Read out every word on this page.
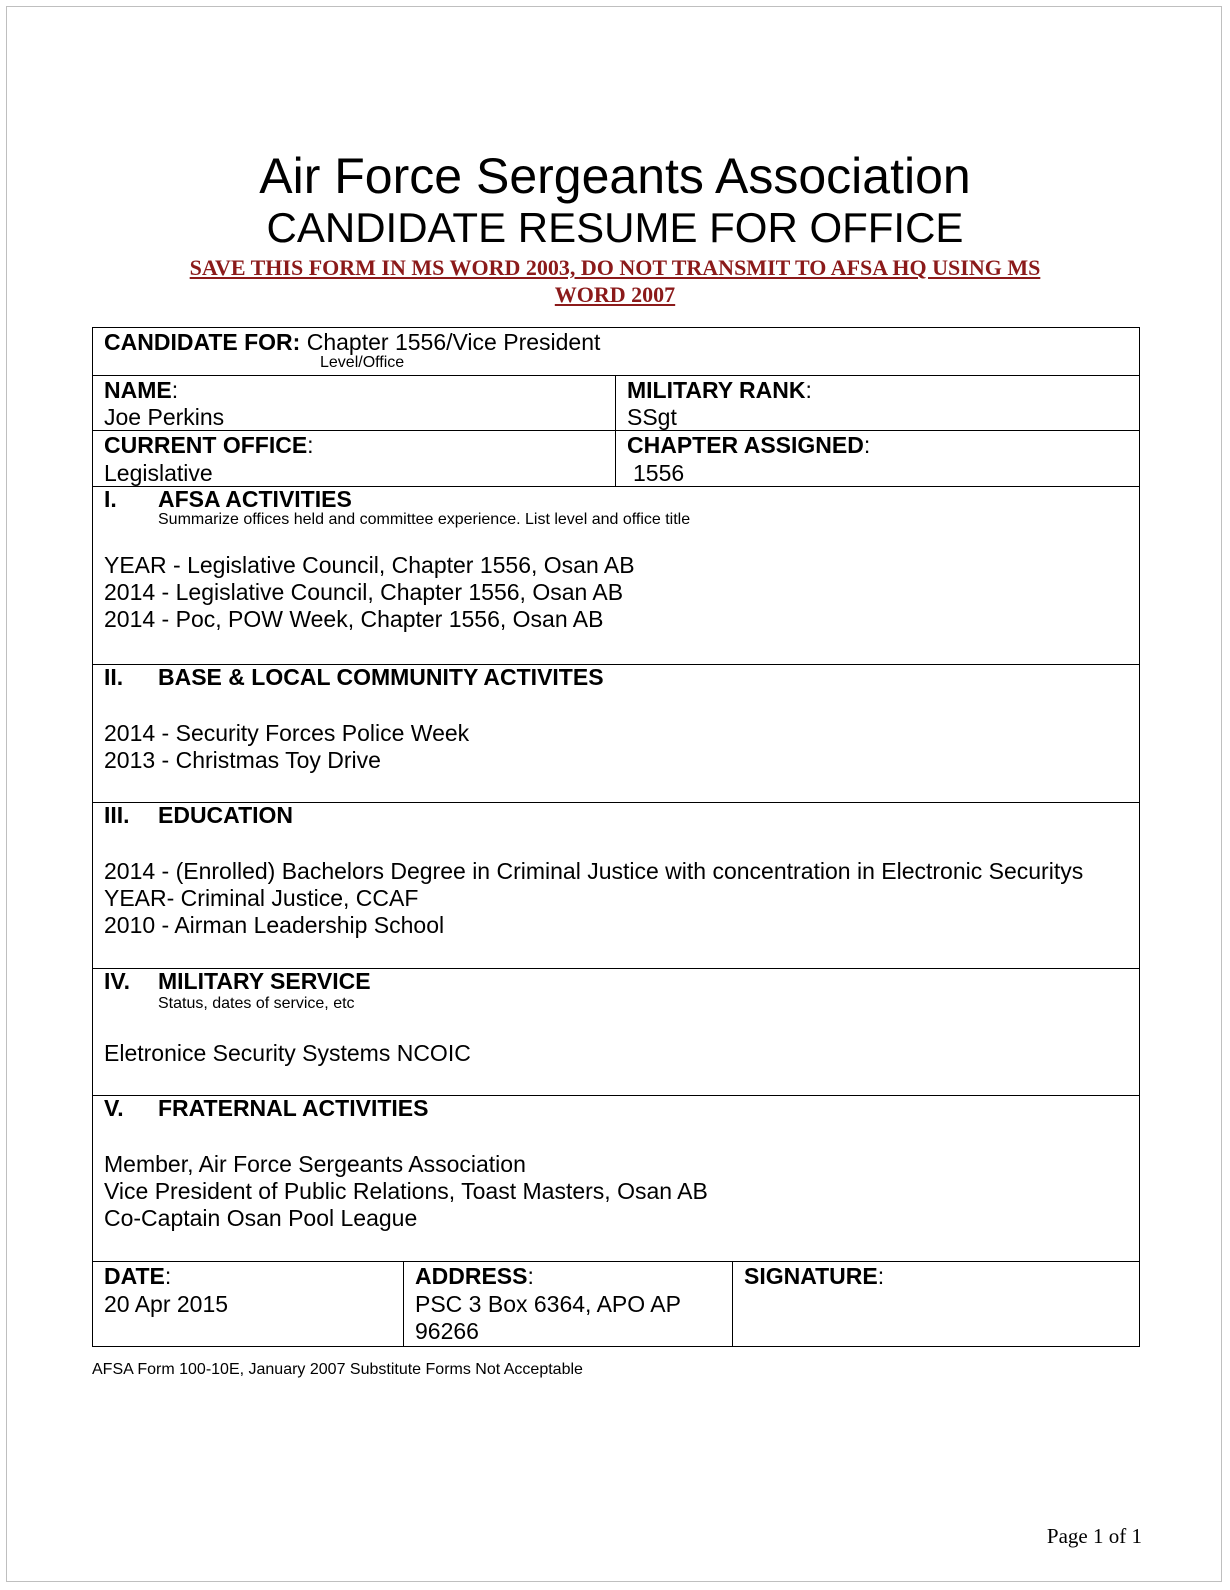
Air Force Sergeants Association
CANDIDATE RESUME FOR OFFICE
SAVE THIS FORM IN MS WORD 2003, DO NOT TRANSMIT TO AFSA HQ USING MS
WORD 2007
CANDIDATE FOR: Chapter 1556/Vice President
Level/Office
NAME:
Joe Perkins
MILITARY RANK:
SSgt
CURRENT OFFICE:
Legislative
CHAPTER ASSIGNED:
1556
I. AFSA ACTIVITIES
Summarize offices held and committee experience. List level and office title
YEAR - Legislative Council, Chapter 1556, Osan AB
2014 - Legislative Council, Chapter 1556, Osan AB
2014 - Poc, POW Week, Chapter 1556, Osan AB
II. BASE & LOCAL COMMUNITY ACTIVITES
2014 - Security Forces Police Week
2013 - Christmas Toy Drive
III. EDUCATION
2014 - (Enrolled) Bachelors Degree in Criminal Justice with concentration in Electronic Securitys
YEAR- Criminal Justice, CCAF
2010 - Airman Leadership School
IV. MILITARY SERVICE
Status, dates of service, etc
Eletronice Security Systems NCOIC
V. FRATERNAL ACTIVITIES
Member, Air Force Sergeants Association
Vice President of Public Relations, Toast Masters, Osan AB
Co-Captain Osan Pool League
DATE:
20 Apr 2015
ADDRESS:
PSC 3 Box 6364, APO AP
96266
SIGNATURE:
AFSA Form 100-10E, January 2007 Substitute Forms Not Acceptable
Page 1 of 1
